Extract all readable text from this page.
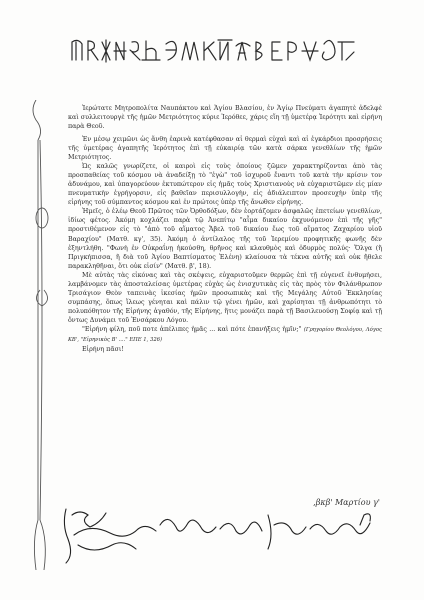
Ἱερώτατε Μητροπολίτα Ναυπάκτου καὶ Ἁγίου Βλασίου, ἐν Ἁγίῳ Πνεύματι ἀγαπητὲ ἀδελφὲ καὶ συλλειτουργὲ τῆς ἡμῶν Μετριότητος κύριε Ἱερόθεε, χάρις εἴη τῇ ὑμετέρᾳ Ἱερότητι καὶ εἰρήνη παρὰ Θεοῦ.

Ἐν μέσῳ χειμῶνι ὡς ἄνθη ἐαρινὰ κατέφθασαν αἱ θερμαὶ εὐχαὶ καὶ αἱ ἐγκάρδιοι προσρήσεις τῆς ὑμετέρας ἀγαπητῆς Ἱερότητος ἐπὶ τῇ εὐκαιρίᾳ τῶν κατὰ σάρκα γενεθλίων τῆς ἡμῶν Μετριότητος.

Ὡς καλῶς γνωρίζετε, οἱ καιροὶ εἰς τοὺς ὁποίους ζῶμεν χαρακτηρίζονται ἀπὸ τὰς προσπαθείας τοῦ κόσμου νὰ ἀναδείξῃ τὸ "ἐγὼ" τοῦ ἰσχυροῦ ἔναντι τοῦ κατὰ τὴν κρίσιν τον ἀδυνάμου, καὶ ὑπαγορεύουν ἐκτυπώτερον εἰς ἡμᾶς τοὺς Χριστιανοὺς νὰ εὐχαριστῶμεν εἰς μίαν πνευματικὴν ἐγρήγορσιν, εἰς βαθεῖαν περισυλλογὴν, εἰς ἀδιάλειπτον προσευχὴν ὑπὲρ τῆς εἰρήνης τοῦ σύμπαντος κόσμου καὶ ἐν πρώτοις ὑπὲρ τῆς ἄνωθεν εἰρήνης.

Ἡμεῖς, ὁ ἐλέῳ Θεοῦ Πρῶτος τῶν Ὀρθοδόξων, δὲν ἑορτάζομεν ἀσφαλῶς ἐπετείων γενεθλίων, ἰδίως φέτος. Ἀκόμη κοχλάζει παρὰ τῷ Ἀνεπίτῳ "αἷμα δικαίου ἐκχυνόμενον ἐπὶ τῆς γῆς" προστιθέμενον εἰς τὸ "ἀπὸ τοῦ αἵματος Ἄβελ τοῦ δικαίου ἕως τοῦ αἵματος Ζαχαρίου υἱοῦ Βαραχίου" (Ματθ. κγ', 35). Ἀκόμη ὁ ἀντίλαλος τῆς τοῦ Ἱερεμίου προφητικῆς φωνῆς δὲν ἐξηντλήθη. "Φωνὴ ἐν Οὐκραΐνῃ ἠκούσθη, θρῆνος καὶ κλαυθμὸς καὶ ὀδυρμὸς πολύς· Ὄλγα (ἢ Πριγκήπισσα, ἢ διὰ τοῦ Ἁγίου Βαπτίσματος Ἑλένη) κλαίουσα τὰ τέκνα αὐτῆς καὶ οὐκ ἤθελε παρακληθῆναι, ὅτι οὐκ εἰσίν" (Ματθ. β', 18).

Μὲ αὐτὰς τὰς εἰκόνας καὶ τὰς σκέψεις, εὐχαριστοῦμεν θερμῶς ἐπὶ τῇ εὐγενεῖ ἐνθυμήσει, λαμβάνομεν τὰς ἀποσταλείσας ὑμετέρας εὐχὰς ὡς ἐνισχυτικὰς εἰς τὰς πρὸς τὸν Φιλάνθρωπον Τρισάγιον Θεὸν ταπεινὰς ἱκεσίας ἡμῶν προσωπικὰς καὶ τῆς Μεγάλης Αὐτοῦ Ἐκκλησίας συμπάσης, ὅπως ἵλεως γένηται καὶ πάλιν τῷ γένει ἡμῶν, καὶ χαρίσηται τῇ ἀνθρωπότητι τὸ πολυπόθητον τῆς Εἰρήνης ἀγαθόν, τῆς Εἰρήνης, ἥτις μονάζει παρὰ τῇ Βασιλευούσῃ Σοφίᾳ καὶ τῇ ὄντως Δυνάμει τοῦ Ἐνσάρκου Λόγου.

"Εἰρήνη φίλη, ποῦ ποτε ἀπέλιπες ἡμᾶς ... καὶ πότε ἐπανήξεις ἡμῖν;" (Γρηγορίου Θεολόγου, Λόγος ΚΒ', "Εἰρηνικὸς Β' ...." ΕΠΕ 1, 326)

Εἰρήνη πᾶσι!

‚βκβ' Μαρτίου γ'
